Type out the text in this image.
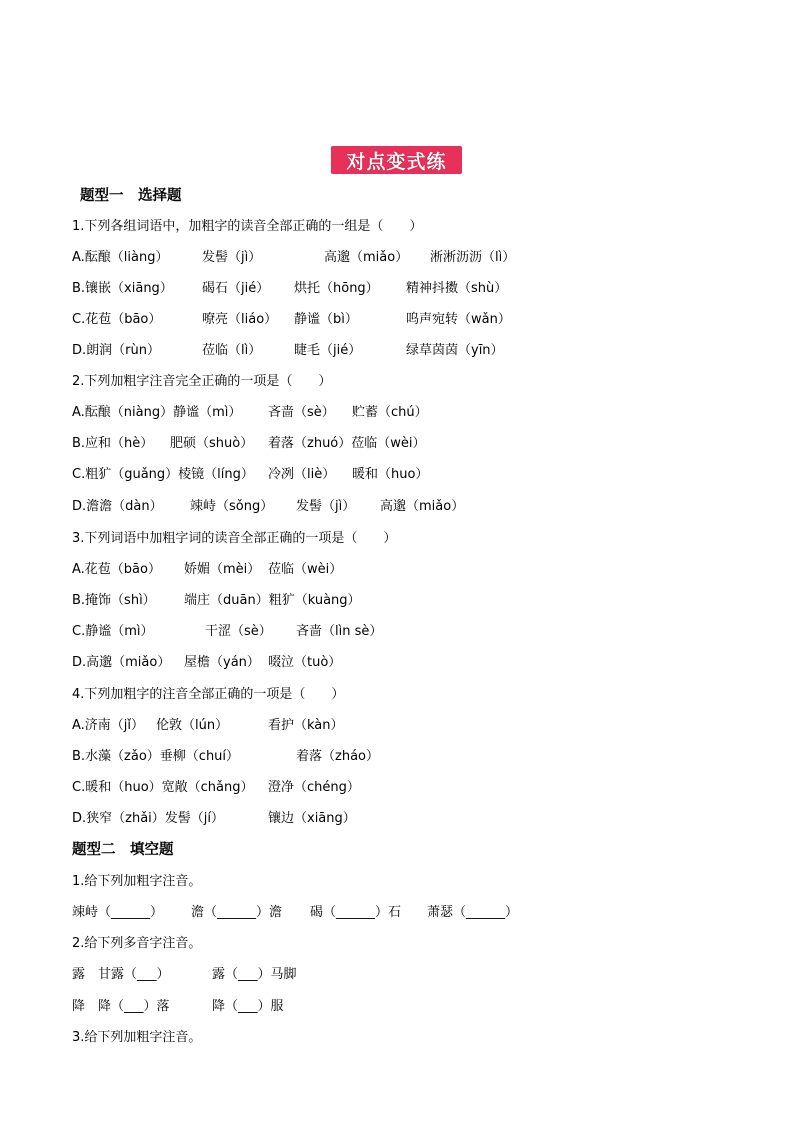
对点变式练
题型一　选择题
1.下列各组词语中，加粗字的读音全部正确的一组是（　　）
A.酝酿（liàng）	发髻（jì）	高邈（miǎo） 淅淅沥沥（lì）
B.镶嵌（xiāng） 碣石（jié） 烘托（hōng） 精神抖擞（shù）
C.花苞（bāo）	嘹亮（liáo） 静谧（bì）	呜声宛转（wǎn）
D.朗润（rùn）	莅临（lì）	睫毛（jié）	绿草茵茵（yīn）
2.下列加粗字注音完全正确的一项是（　　）
A.酝酿（niàng）静谧（mì） 吝啬（sè） 贮蓄（chú）
B.应和（hè） 肥硕（shuò） 着落（zhuó）莅临（wèi）
C.粗犷（guǎng）棱镜（líng） 冷冽（liè） 暖和（huo）
D.澹澹（dàn） 竦峙（sǒng） 发髻（jì） 高邈（miǎo）
3.下列词语中加粗字词的读音全部正确的一项是（　　）
A.花苞（bāo） 娇媚（mèi） 莅临（wèi）
B.掩饰（shì） 端庄（duān）粗犷（kuàng）
C.静谧（mì）	干涩（sè） 吝啬（lìn sè）
D.高邈（miǎo） 屋檐（yán） 啜泣（tuò）
4.下列加粗字的注音全部正确的一项是（　　）
A.济南（jǐ） 伦敦（lún）	看护（kàn）
B.水藻（zǎo）垂柳（chuí）	着落（zháo）
C.暖和（huo）宽敞（chǎng） 澄净（chéng）
D.狭窄（zhǎi）发髻（jí）	镶边（xiāng）
题型二　填空题
1.给下列加粗字注音。
竦峙（______） 澹（______）澹 碣（______）石 萧瑟（______）
2.给下列多音字注音。
露　甘露（___）	露（___）马脚
降　降（___）落	降（___）服
3.给下列加粗字注音。
